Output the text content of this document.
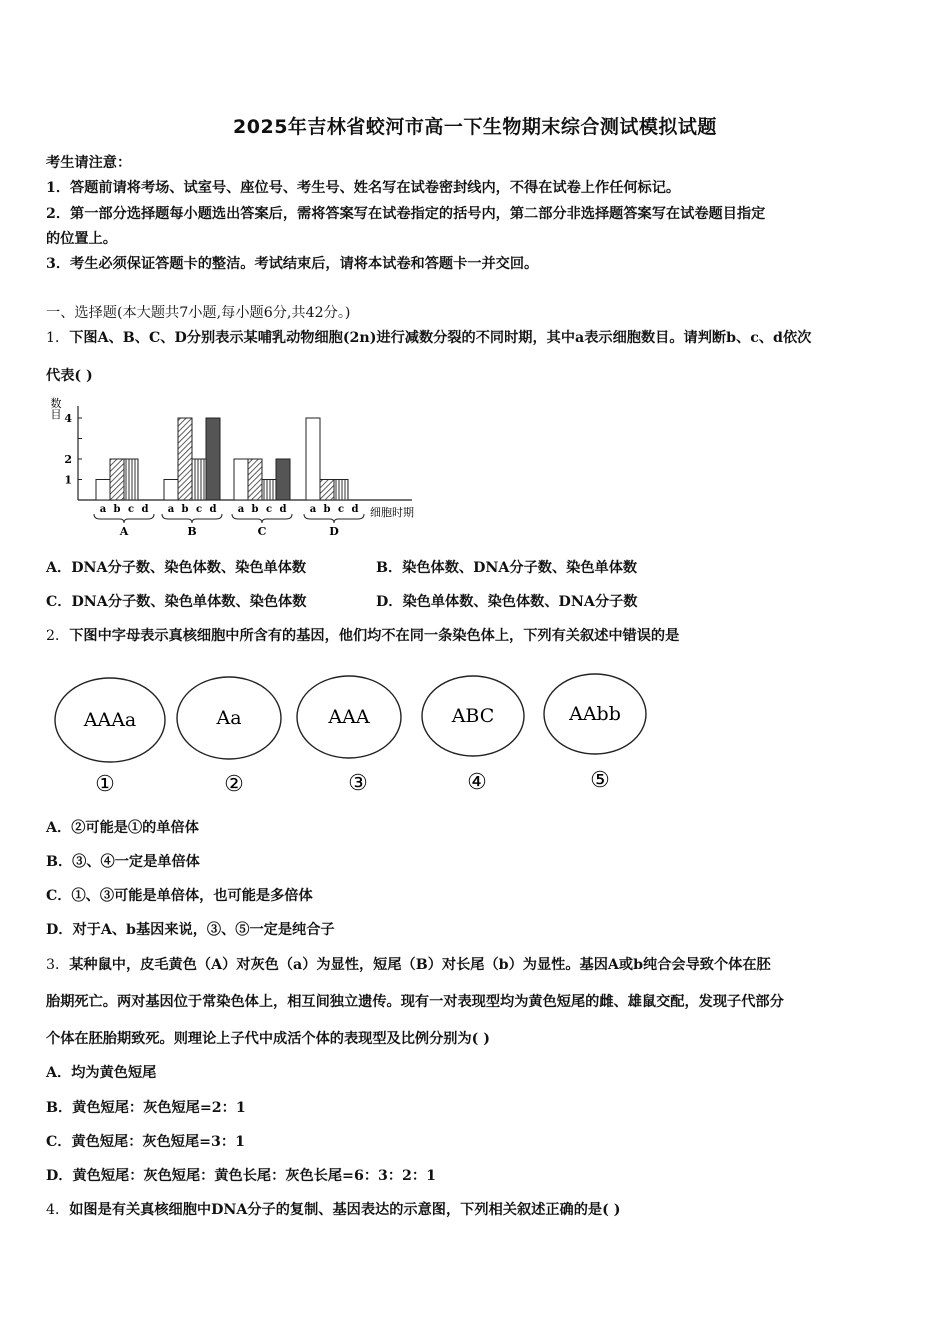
2025年吉林省蛟河市高一下生物期末综合测试模拟试题
考生请注意：
1．答题前请将考场、试室号、座位号、考生号、姓名写在试卷密封线内，不得在试卷上作任何标记。
2．第一部分选择题每小题选出答案后，需将答案写在试卷指定的括号内，第二部分非选择题答案写在试卷题目指定
的位置上。
3．考生必须保证答题卡的整洁。考试结束后，请将本试卷和答题卡一并交回。
一、选择题(本大题共7小题,每小题6分,共42分。)
1．下图A、B、C、D分别表示某哺乳动物细胞(2n)进行减数分裂的不同时期，其中a表示细胞数目。请判断b、c、d依次
代表( )
数
目
1
2
4
a b c d
A
a b c d
B
a b c d
C
a b c d
D
细胞时期
A．DNA分子数、染色体数、染色单体数	B．染色体数、DNA分子数、染色单体数
C．DNA分子数、染色单体数、染色体数	D．染色单体数、染色体数、DNA分子数
2．下图中字母表示真核细胞中所含有的基因，他们均不在同一条染色体上，下列有关叙述中错误的是
AAAa
①
Aa
②
AAA
③
ABC
④
AAbb
⑤
A．②可能是①的单倍体
B．③、④一定是单倍体
C．①、③可能是单倍体，也可能是多倍体
D．对于A、b基因来说，③、⑤一定是纯合子
3．某种鼠中，皮毛黄色（A）对灰色（a）为显性，短尾（B）对长尾（b）为显性。基因A或b纯合会导致个体在胚
胎期死亡。两对基因位于常染色体上，相互间独立遗传。现有一对表现型均为黄色短尾的雌、雄鼠交配，发现子代部分
个体在胚胎期致死。则理论上子代中成活个体的表现型及比例分别为( )
A．均为黄色短尾
B．黄色短尾：灰色短尾=2：1
C．黄色短尾：灰色短尾=3：1
D．黄色短尾：灰色短尾：黄色长尾：灰色长尾=6：3：2：1
4．如图是有关真核细胞中DNA分子的复制、基因表达的示意图，下列相关叙述正确的是( )
